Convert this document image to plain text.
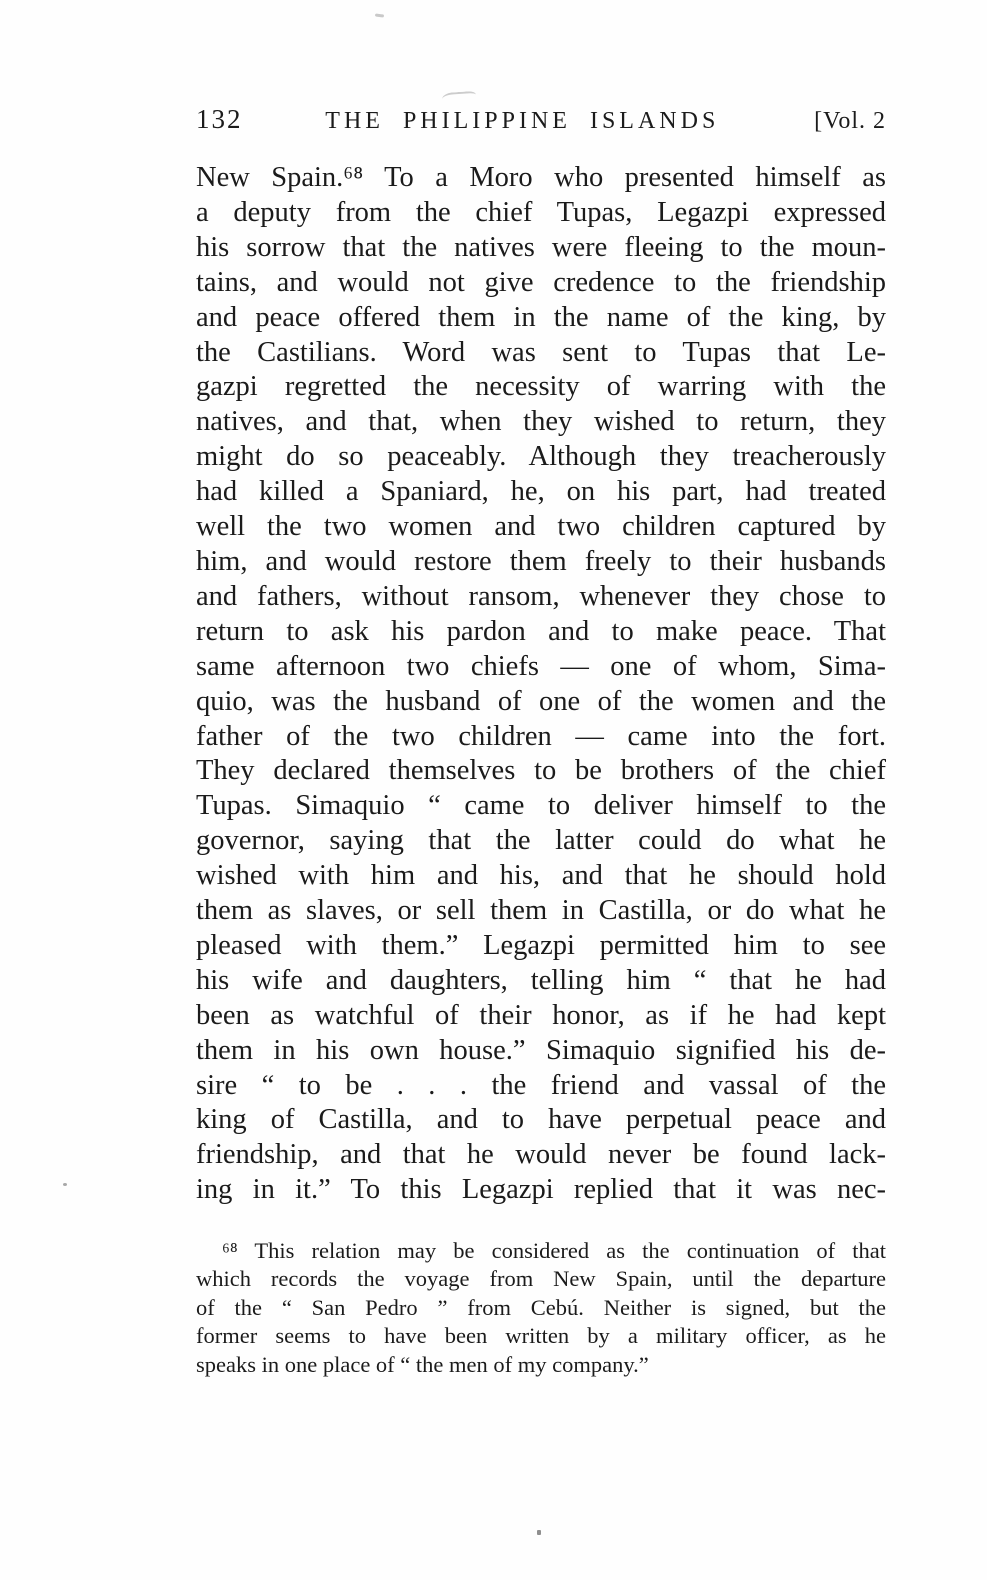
132	THE PHILIPPINE ISLANDS	[Vol. 2
New Spain.⁶⁸ To a Moro who presented himself as
a deputy from the chief Tupas, Legazpi expressed
his sorrow that the natives were fleeing to the moun-
tains, and would not give credence to the friendship
and peace offered them in the name of the king, by
the Castilians. Word was sent to Tupas that Le-
gazpi regretted the necessity of warring with the
natives, and that, when they wished to return, they
might do so peaceably. Although they treacherously
had killed a Spaniard, he, on his part, had treated
well the two women and two children captured by
him, and would restore them freely to their husbands
and fathers, without ransom, whenever they chose to
return to ask his pardon and to make peace. That
same afternoon two chiefs — one of whom, Sima-
quio, was the husband of one of the women and the
father of the two children — came into the fort.
They declared themselves to be brothers of the chief
Tupas. Simaquio “ came to deliver himself to the
governor, saying that the latter could do what he
wished with him and his, and that he should hold
them as slaves, or sell them in Castilla, or do what he
pleased with them.” Legazpi permitted him to see
his wife and daughters, telling him “ that he had
been as watchful of their honor, as if he had kept
them in his own house.” Simaquio signified his de-
sire “ to be . . . the friend and vassal of the
king of Castilla, and to have perpetual peace and
friendship, and that he would never be found lack-
ing in it.” To this Legazpi replied that it was nec-
⁶⁸ This relation may be considered as the continuation of that
which records the voyage from New Spain, until the departure
of the “ San Pedro ” from Cebú. Neither is signed, but the
former seems to have been written by a military officer, as he
speaks in one place of “ the men of my company.”
